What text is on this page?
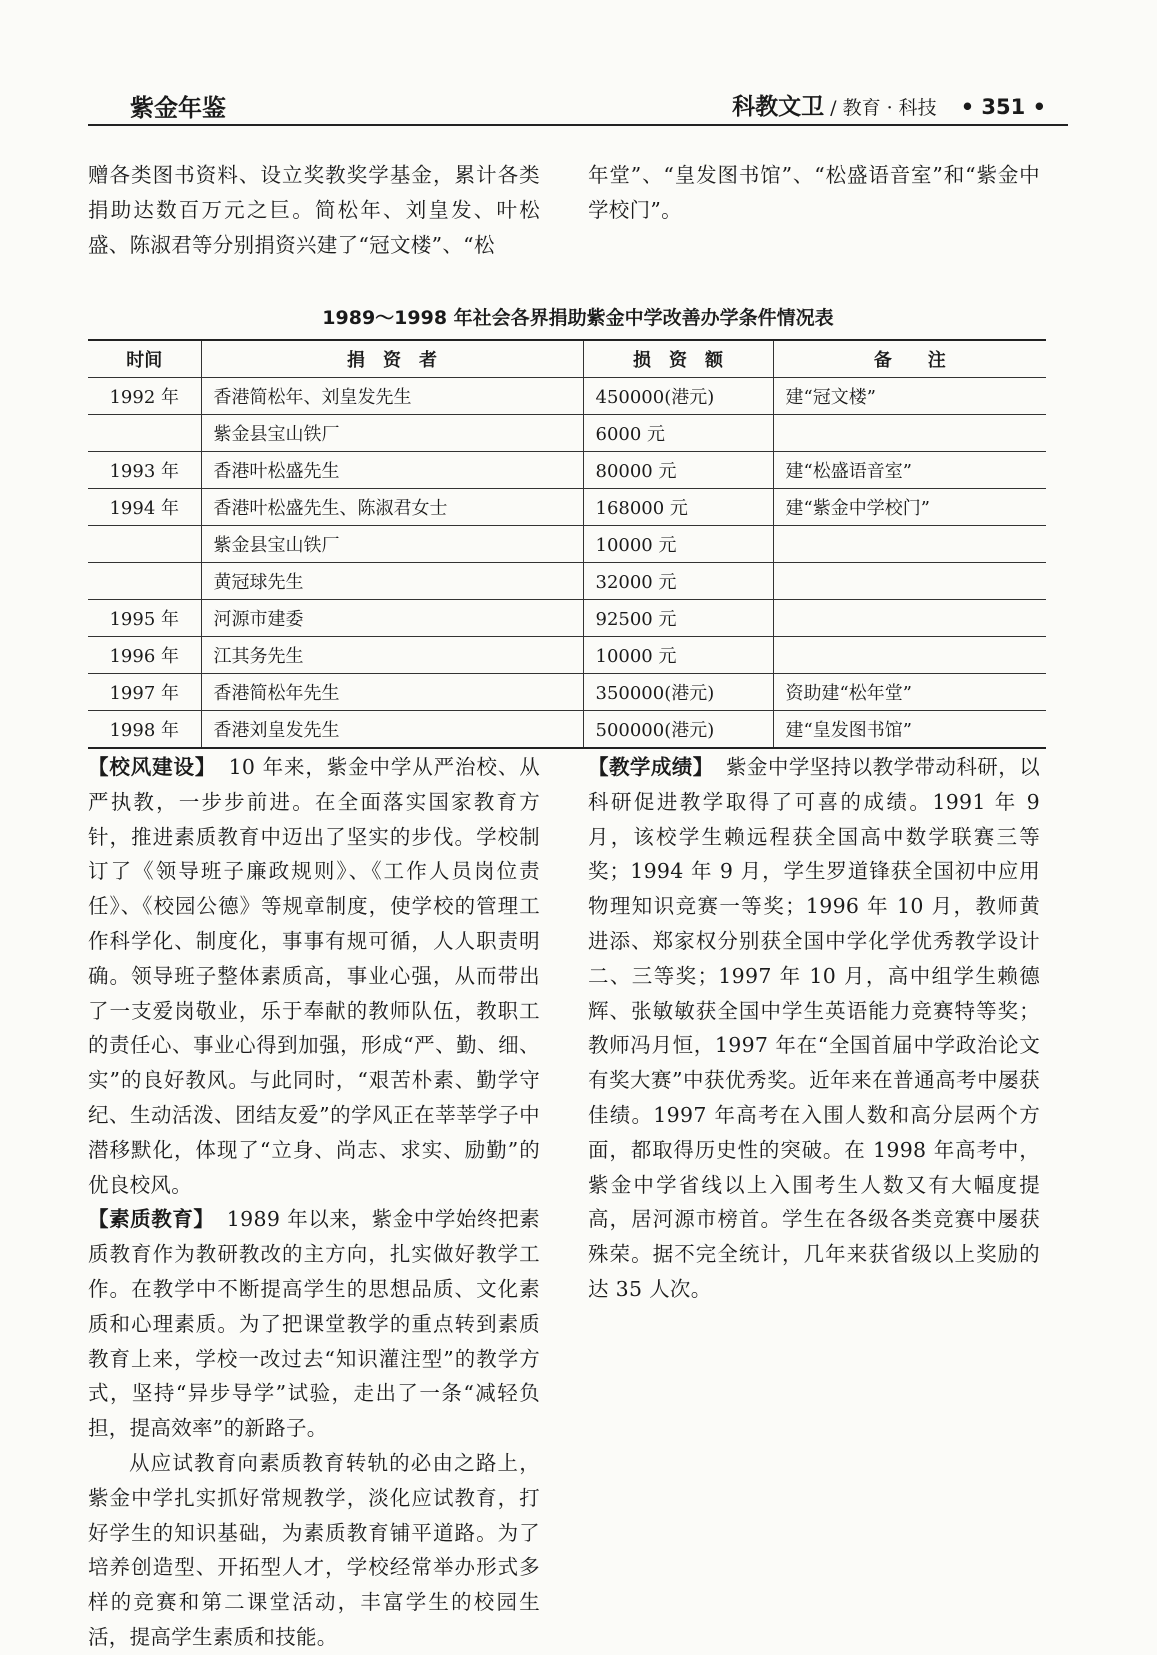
紫金年鉴	科教文卫 / 教育 · 科技 • 351 •

赠各类图书资料、设立奖教奖学基金，累计各类捐助达数百万元之巨。简松年、刘皇发、叶松盛、陈淑君等分别捐资兴建了“冠文楼”、“松

年堂”、“皇发图书馆”、“松盛语音室”和“紫金中学校门”。

1989～1998 年社会各界捐助紫金中学改善办学条件情况表
时间	捐　资　者	损　资　额	备　　注
1992 年	香港简松年、刘皇发先生	450000(港元)	建“冠文楼”
	紫金县宝山铁厂	6000 元	
1993 年	香港叶松盛先生	80000 元	建“松盛语音室”
1994 年	香港叶松盛先生、陈淑君女士	168000 元	建“紫金中学校门”
	紫金县宝山铁厂	10000 元	
	黄冠球先生	32000 元	
1995 年	河源市建委	92500 元	
1996 年	江其务先生	10000 元	
1997 年	香港简松年先生	350000(港元)	资助建“松年堂”
1998 年	香港刘皇发先生	500000(港元)	建“皇发图书馆”

【校风建设】 10 年来，紫金中学从严治校、从严执教，一步步前进。在全面落实国家教育方针，推进素质教育中迈出了坚实的步伐。学校制订了《领导班子廉政规则》、《工作人员岗位责任》、《校园公德》等规章制度，使学校的管理工作科学化、制度化，事事有规可循，人人职责明确。领导班子整体素质高，事业心强，从而带出了一支爱岗敬业，乐于奉献的教师队伍，教职工的责任心、事业心得到加强，形成“严、勤、细、实”的良好教风。与此同时，“艰苦朴素、勤学守纪、生动活泼、团结友爱”的学风正在莘莘学子中潜移默化，体现了“立身、尚志、求实、励勤”的优良校风。

【素质教育】 1989 年以来，紫金中学始终把素质教育作为教研教改的主方向，扎实做好教学工作。在教学中不断提高学生的思想品质、文化素质和心理素质。为了把课堂教学的重点转到素质教育上来，学校一改过去“知识灌注型”的教学方式，坚持“异步导学”试验，走出了一条“减轻负担，提高效率”的新路子。

从应试教育向素质教育转轨的必由之路上，紫金中学扎实抓好常规教学，淡化应试教育，打好学生的知识基础，为素质教育铺平道路。为了培养创造型、开拓型人才，学校经常举办形式多样的竞赛和第二课堂活动，丰富学生的校园生活，提高学生素质和技能。

【教学成绩】 紫金中学坚持以教学带动科研，以科研促进教学取得了可喜的成绩。1991 年 9 月，该校学生赖远程获全国高中数学联赛三等奖；1994 年 9 月，学生罗道锋获全国初中应用物理知识竞赛一等奖；1996 年 10 月，教师黄进添、郑家权分别获全国中学化学优秀教学设计二、三等奖；1997 年 10 月，高中组学生赖德辉、张敏敏获全国中学生英语能力竞赛特等奖；教师冯月恒，1997 年在“全国首届中学政治论文有奖大赛”中获优秀奖。近年来在普通高考中屡获佳绩。1997 年高考在入围人数和高分层两个方面，都取得历史性的突破。在 1998 年高考中，紫金中学省线以上入围考生人数又有大幅度提高，居河源市榜首。学生在各级各类竞赛中屡获殊荣。据不完全统计，几年来获省级以上奖励的达 35 人次。
